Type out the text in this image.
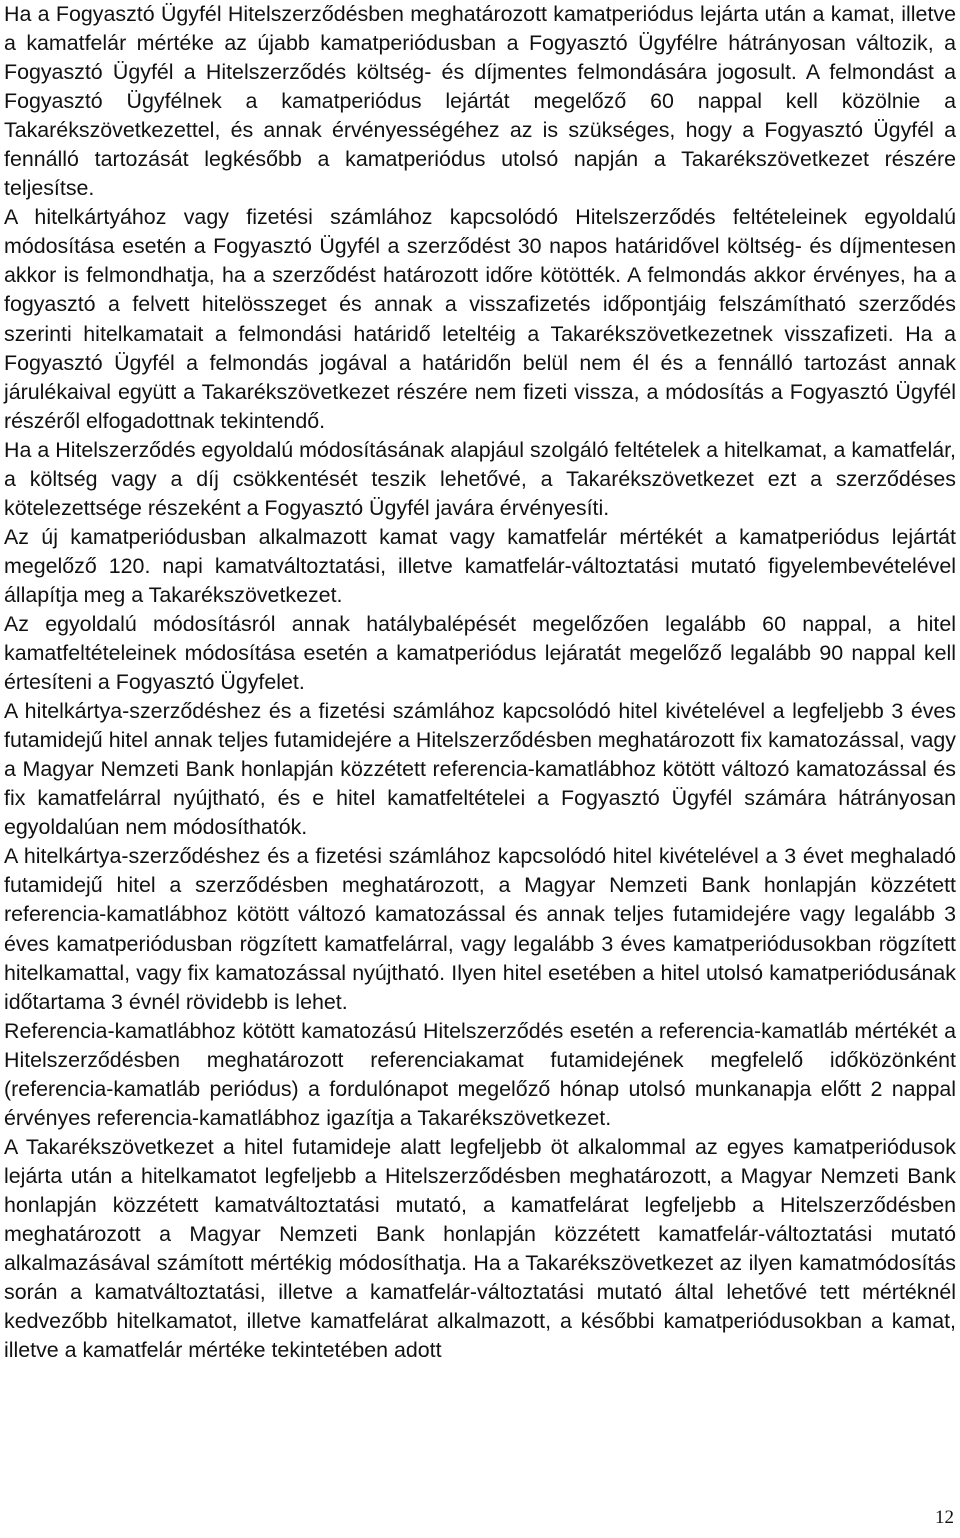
Ha a Fogyasztó Ügyfél Hitelszerződésben meghatározott kamatperiódus lejárta után a kamat, illetve a kamatfelár mértéke az újabb kamatperiódusban a Fogyasztó Ügyfélre hátrányosan változik, a Fogyasztó Ügyfél a Hitelszerződés költség- és díjmentes felmondására jogosult. A felmondást a Fogyasztó Ügyfélnek a kamatperiódus lejártát megelőző 60 nappal kell közölnie a Takarékszövetkezettel, és annak érvényességéhez az is szükséges, hogy a Fogyasztó Ügyfél a fennálló tartozását legkésőbb a kamatperiódus utolsó napján a Takarékszövetkezet részére teljesítse.

A hitelkártyához vagy fizetési számlához kapcsolódó Hitelszerződés feltételeinek egyoldalú módosítása esetén a Fogyasztó Ügyfél a szerződést 30 napos határidővel költség- és díjmentesen akkor is felmondhatja, ha a szerződést határozott időre kötötték. A felmondás akkor érvényes, ha a fogyasztó a felvett hitelösszeget és annak a visszafizetés időpontjáig felszámítható szerződés szerinti hitelkamatait a felmondási határidő leteltéig a Takarékszövetkezetnek visszafizeti. Ha a Fogyasztó Ügyfél a felmondás jogával a határidőn belül nem él és a fennálló tartozást annak járulékaival együtt a Takarékszövetkezet részére nem fizeti vissza, a módosítás a Fogyasztó Ügyfél részéről elfogadottnak tekintendő.

Ha a Hitelszerződés egyoldalú módosításának alapjául szolgáló feltételek a hitelkamat, a kamatfelár, a költség vagy a díj csökkentését teszik lehetővé, a Takarékszövetkezet ezt a szerződéses kötelezettsége részeként a Fogyasztó Ügyfél javára érvényesíti.

Az új kamatperiódusban alkalmazott kamat vagy kamatfelár mértékét a kamatperiódus lejártát megelőző 120. napi kamatváltoztatási, illetve kamatfelár-változtatási mutató figyelembevételével állapítja meg a Takarékszövetkezet.

Az egyoldalú módosításról annak hatálybalépését megelőzően legalább 60 nappal, a hitel kamatfeltételeinek módosítása esetén a kamatperiódus lejáratát megelőző legalább 90 nappal kell értesíteni a Fogyasztó Ügyfelet.

A hitelkártya-szerződéshez és a fizetési számlához kapcsolódó hitel kivételével a legfeljebb 3 éves futamidejű hitel annak teljes futamidejére a Hitelszerződésben meghatározott fix kamatozással, vagy a Magyar Nemzeti Bank honlapján közzétett referencia-kamatlábhoz kötött változó kamatozással és fix kamatfelárral nyújtható, és e hitel kamatfeltételei a Fogyasztó Ügyfél számára hátrányosan egyoldalúan nem módosíthatók.

A hitelkártya-szerződéshez és a fizetési számlához kapcsolódó hitel kivételével a 3 évet meghaladó futamidejű hitel a szerződésben meghatározott, a Magyar Nemzeti Bank honlapján közzétett referencia-kamatlábhoz kötött változó kamatozással és annak teljes futamidejére vagy legalább 3 éves kamatperiódusban rögzített kamatfelárral, vagy legalább 3 éves kamatperiódusokban rögzített hitelkamattal, vagy fix kamatozással nyújtható. Ilyen hitel esetében a hitel utolsó kamatperiódusának időtartama 3 évnél rövidebb is lehet.

Referencia-kamatlábhoz kötött kamatozású Hitelszerződés esetén a referencia-kamatláb mértékét a Hitelszerződésben meghatározott referenciakamat futamidejének megfelelő időközönként (referencia-kamatláb periódus) a fordulónapot megelőző hónap utolsó munkanapja előtt 2 nappal érvényes referencia-kamatlábhoz igazítja a Takarékszövetkezet.

A Takarékszövetkezet a hitel futamideje alatt legfeljebb öt alkalommal az egyes kamatperiódusok lejárta után a hitelkamatot legfeljebb a Hitelszerződésben meghatározott, a Magyar Nemzeti Bank honlapján közzétett kamatváltoztatási mutató, a kamatfelárat legfeljebb a Hitelszerződésben meghatározott a Magyar Nemzeti Bank honlapján közzétett kamatfelár-változtatási mutató alkalmazásával számított mértékig módosíthatja. Ha a Takarékszövetkezet az ilyen kamatmódosítás során a kamatváltoztatási, illetve a kamatfelár-változtatási mutató által lehetővé tett mértéknél kedvezőbb hitelkamatot, illetve kamatfelárat alkalmazott, a későbbi kamatperiódusokban a kamat, illetve a kamatfelár mértéke tekintetében adott

12
